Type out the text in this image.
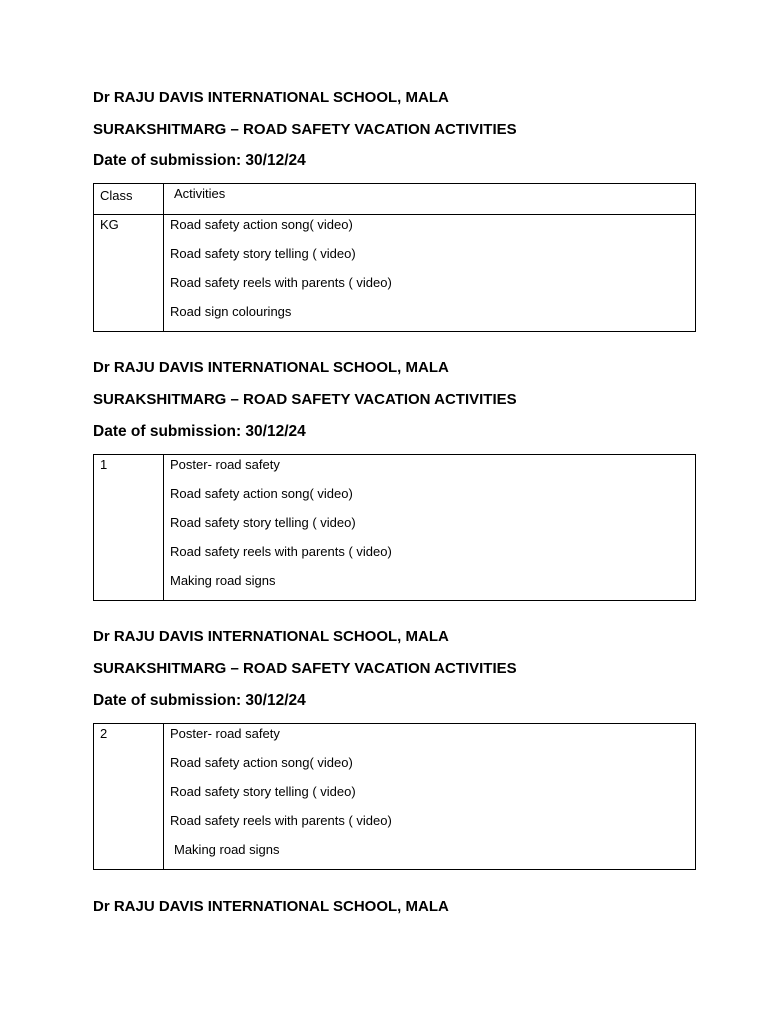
Dr RAJU DAVIS INTERNATIONAL SCHOOL, MALA
SURAKSHITMARG – ROAD SAFETY VACATION ACTIVITIES
Date of submission: 30/12/24
Class	Activities

KG	Road safety action song( video)
Road safety story telling ( video)
Road safety reels with parents ( video)
Road sign colourings
Dr RAJU DAVIS INTERNATIONAL SCHOOL, MALA
SURAKSHITMARG – ROAD SAFETY VACATION ACTIVITIES
Date of submission: 30/12/24
1	Poster- road safety
Road safety action song( video)
Road safety story telling ( video)
Road safety reels with parents ( video)
Making road signs
Dr RAJU DAVIS INTERNATIONAL SCHOOL, MALA
SURAKSHITMARG – ROAD SAFETY VACATION ACTIVITIES
Date of submission: 30/12/24
2	Poster- road safety
Road safety action song( video)
Road safety story telling ( video)
Road safety reels with parents ( video)
Making road signs
Dr RAJU DAVIS INTERNATIONAL SCHOOL, MALA
